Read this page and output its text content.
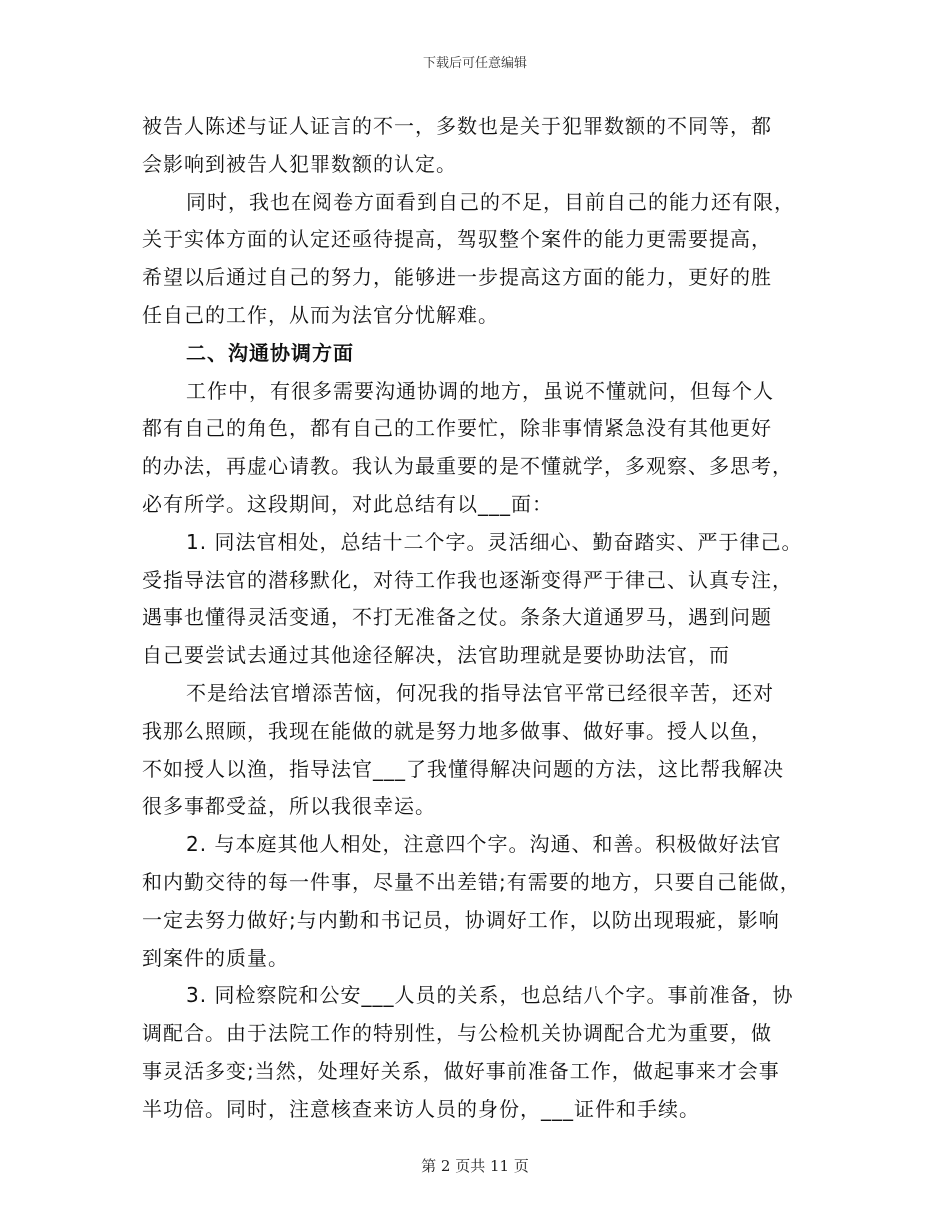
下载后可任意编辑
被告人陈述与证人证言的不一，多数也是关于犯罪数额的不同等，都
会影响到被告人犯罪数额的认定。
同时，我也在阅卷方面看到自己的不足，目前自己的能力还有限，
关于实体方面的认定还亟待提高，驾驭整个案件的能力更需要提高，
希望以后通过自己的努力，能够进一步提高这方面的能力，更好的胜
任自己的工作，从而为法官分忧解难。
二、沟通协调方面
工作中，有很多需要沟通协调的地方，虽说不懂就问，但每个人
都有自己的角色，都有自己的工作要忙，除非事情紧急没有其他更好
的办法，再虚心请教。我认为最重要的是不懂就学，多观察、多思考，
必有所学。这段期间，对此总结有以___面：
1. 同法官相处，总结十二个字。灵活细心、勤奋踏实、严于律己。
受指导法官的潜移默化，对待工作我也逐渐变得严于律己、认真专注，
遇事也懂得灵活变通，不打无准备之仗。条条大道通罗马，遇到问题
自己要尝试去通过其他途径解决，法官助理就是要协助法官，而
不是给法官增添苦恼，何况我的指导法官平常已经很辛苦，还对
我那么照顾，我现在能做的就是努力地多做事、做好事。授人以鱼，
不如授人以渔，指导法官___了我懂得解决问题的方法，这比帮我解决
很多事都受益，所以我很幸运。
2. 与本庭其他人相处，注意四个字。沟通、和善。积极做好法官
和内勤交待的每一件事，尽量不出差错;有需要的地方，只要自己能做，
一定去努力做好;与内勤和书记员，协调好工作，以防出现瑕疵，影响
到案件的质量。
3. 同检察院和公安___人员的关系，也总结八个字。事前准备，协
调配合。由于法院工作的特别性，与公检机关协调配合尤为重要，做
事灵活多变;当然，处理好关系，做好事前准备工作，做起事来才会事
半功倍。同时，注意核查来访人员的身份，___证件和手续。
第 2 页共 11 页
